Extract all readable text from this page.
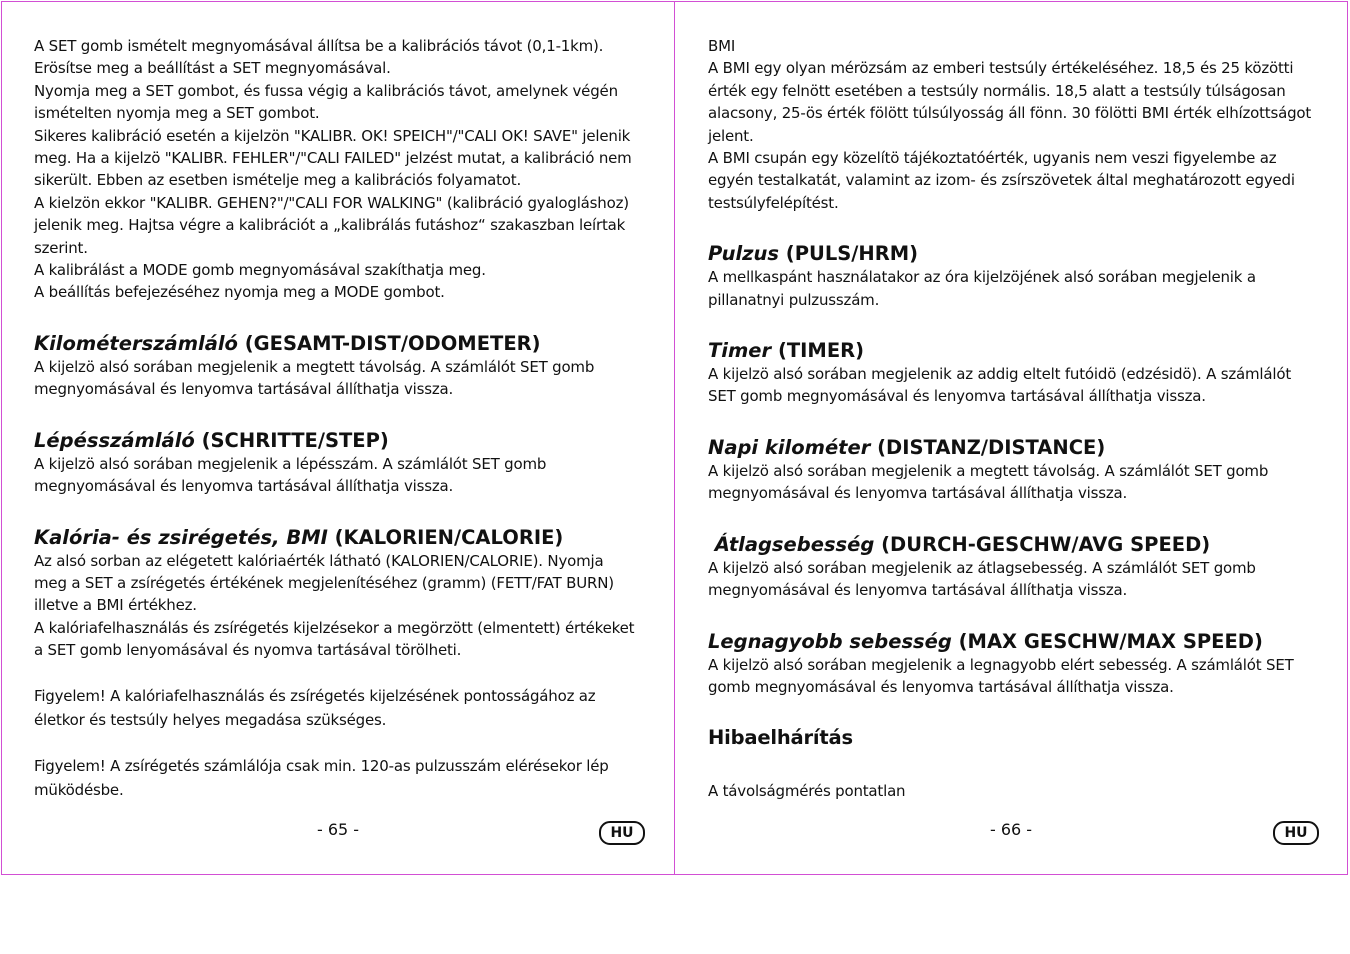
A SET gomb ismételt megnyomásával állítsa be a kalibrációs távot (0,1-1km).

Erösítse meg a beállítást a SET megnyomásával.

Nyomja meg a SET gombot, és fussa végig a kalibrációs távot, amelynek végén ismételten nyomja meg a SET gombot.

Sikeres kalibráció esetén a kijelzön "KALIBR. OK! SPEICH"/"CALI OK! SAVE" jelenik meg. Ha a kijelzö "KALIBR. FEHLER"/"CALI FAILED" jelzést mutat, a kalibráció nem sikerült. Ebben az esetben ismételje meg a kalibrációs folyamatot.

A kielzön ekkor "KALIBR. GEHEN?"/"CALI FOR WALKING" (kalibráció gyalogláshoz) jelenik meg. Hajtsa végre a kalibrációt a „kalibrálás futáshoz“ szakaszban leírtak szerint.

A kalibrálást a MODE gomb megnyomásával szakíthatja meg.

A beállítás befejezéséhez nyomja meg a MODE gombot.

Kilométerszámláló (GESAMT-DIST/ODOMETER)

A kijelzö alsó sorában megjelenik a megtett távolság. A számlálót SET gomb megnyomásával és lenyomva tartásával állíthatja vissza.

Lépésszámláló (SCHRITTE/STEP)

A kijelzö alsó sorában megjelenik a lépésszám. A számlálót SET gomb megnyomásával és lenyomva tartásával állíthatja vissza.

Kalória- és zsirégetés, BMI (KALORIEN/CALORIE)

Az alsó sorban az elégetett kalóriaérték látható (KALORIEN/CALORIE). Nyomja meg a SET a zsírégetés értékének megjelenítéséhez (gramm) (FETT/FAT BURN) illetve a BMI értékhez.

A kalóriafelhasználás és zsírégetés kijelzésekor a megörzött (elmentett) értékeket a SET gomb lenyomásával és nyomva tartásával törölheti.

Figyelem! A kalóriafelhasználás és zsírégetés kijelzésének pontosságához az életkor és testsúly helyes megadása szükséges.

Figyelem! A zsírégetés számlálója csak min. 120-as pulzusszám elérésekor lép müködésbe.

- 65 -	HU

BMI

A BMI egy olyan mérözsám az emberi testsúly értékeléséhez. 18,5 és 25 közötti érték egy felnött esetében a testsúly normális. 18,5 alatt a testsúly túlságosan alacsony, 25-ös érték fölött túlsúlyosság áll fönn. 30 fölötti BMI érték elhízottságot jelent.

A BMI csupán egy közelítö tájékoztatóérték, ugyanis nem veszi figyelembe az egyén testalkatát, valamint az izom- és zsírszövetek által meghatározott egyedi testsúlyfelépítést.

Pulzus (PULS/HRM)

A mellkaspánt használatakor az óra kijelzöjének alsó sorában megjelenik a pillanatnyi pulzusszám.

Timer (TIMER)

A kijelzö alsó sorában megjelenik az addig eltelt futóidö (edzésidö). A számlálót SET gomb megnyomásával és lenyomva tartásával állíthatja vissza.

Napi kilométer (DISTANZ/DISTANCE)

A kijelzö alsó sorában megjelenik a megtett távolság. A számlálót SET gomb megnyomásával és lenyomva tartásával állíthatja vissza.

Átlagsebesség (DURCH-GESCHW/AVG SPEED)

A kijelzö alsó sorában megjelenik az átlagsebesség. A számlálót SET gomb megnyomásával és lenyomva tartásával állíthatja vissza.

Legnagyobb sebesség (MAX GESCHW/MAX SPEED)

A kijelzö alsó sorában megjelenik a legnagyobb elért sebesség. A számlálót SET gomb megnyomásával és lenyomva tartásával állíthatja vissza.

Hibaelhárítás

A távolságmérés pontatlan

- 66 -	HU
